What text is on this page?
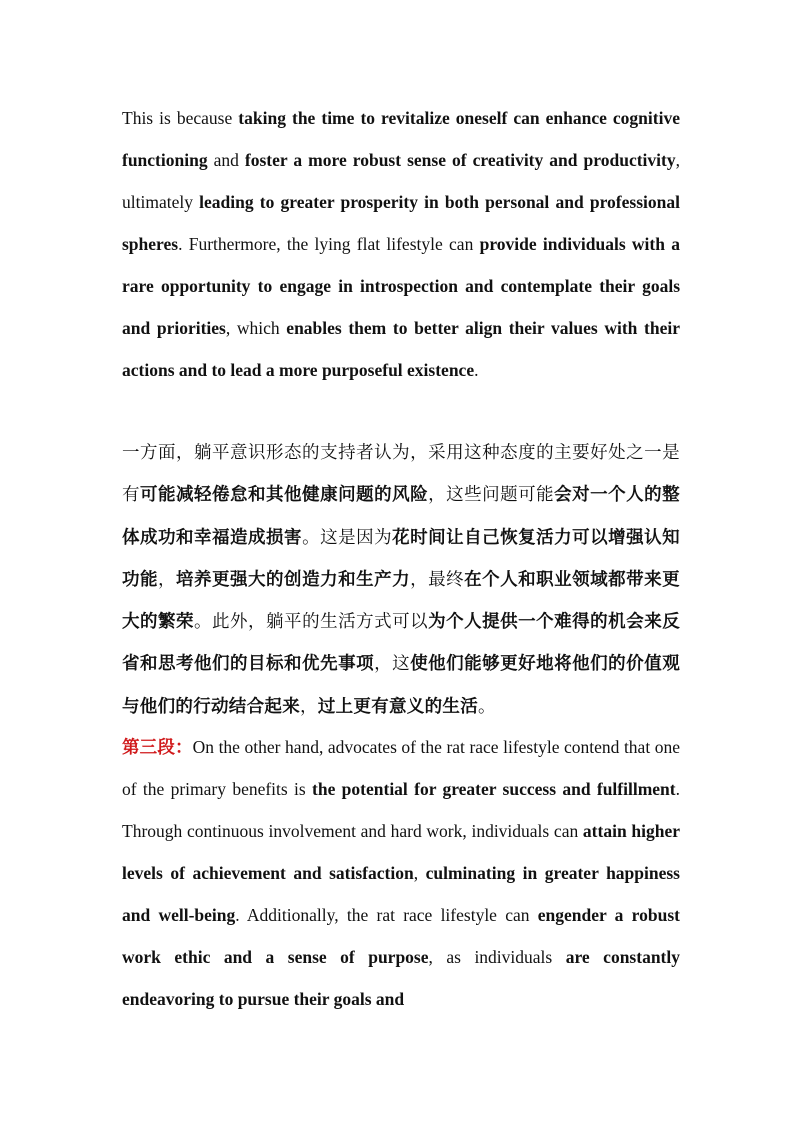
This is because taking the time to revitalize oneself can enhance cognitive functioning and foster a more robust sense of creativity and productivity, ultimately leading to greater prosperity in both personal and professional spheres. Furthermore, the lying flat lifestyle can provide individuals with a rare opportunity to engage in introspection and contemplate their goals and priorities, which enables them to better align their values with their actions and to lead a more purposeful existence.
一方面，躺平意识形态的支持者认为，采用这种态度的主要好处之一是有可能减轻倦怠和其他健康问题的风险，这些问题可能会对一个人的整体成功和幸福造成损害。这是因为花时间让自己恢复活力可以增强认知功能，培养更强大的创造力和生产力，最终在个人和职业领域都带来更大的繁荣。此外，躺平的生活方式可以为个人提供一个难得的机会来反省和思考他们的目标和优先事项，这使他们能够更好地将他们的价值观与他们的行动结合起来，过上更有意义的生活。
第三段：On the other hand, advocates of the rat race lifestyle contend that one of the primary benefits is the potential for greater success and fulfillment. Through continuous involvement and hard work, individuals can attain higher levels of achievement and satisfaction, culminating in greater happiness and well-being. Additionally, the rat race lifestyle can engender a robust work ethic and a sense of purpose, as individuals are constantly endeavoring to pursue their goals and
